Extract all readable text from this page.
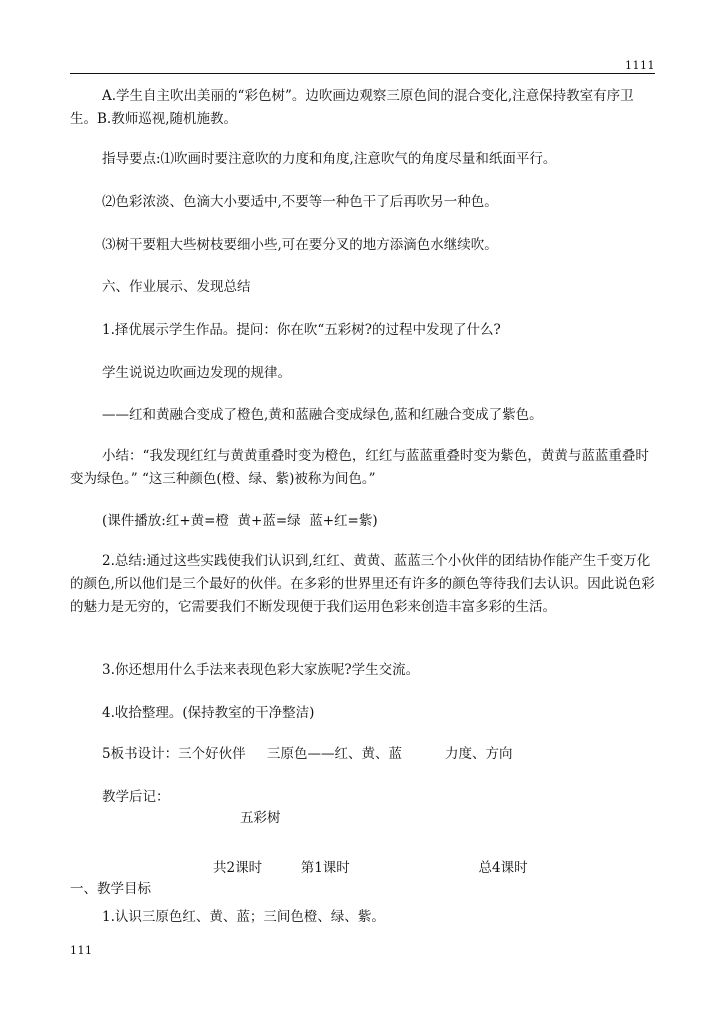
1111

A.学生自主吹出美丽的“彩色树”。边吹画边观察三原色间的混合变化,注意保持教室有序卫生。B.教师巡视,随机施教。

指导要点:⑴吹画时要注意吹的力度和角度,注意吹气的角度尽量和纸面平行。

⑵色彩浓淡、色滴大小要适中,不要等一种色干了后再吹另一种色。

⑶树干要粗大些树枝要细小些,可在要分叉的地方添滴色水继续吹。

六、作业展示、发现总结

1.择优展示学生作品。提问：你在吹“五彩树?的过程中发现了什么?

学生说说边吹画边发现的规律。

——红和黄融合变成了橙色,黄和蓝融合变成绿色,蓝和红融合变成了紫色。

小结：“我发现红红与黄黄重叠时变为橙色，红红与蓝蓝重叠时变为紫色，黄黄与蓝蓝重叠时变为绿色。” “这三种颜色(橙、绿、紫)被称为间色。”

(课件播放:红+黄=橙  黄+蓝=绿  蓝+红=紫)

2.总结:通过这些实践使我们认识到,红红、黄黄、蓝蓝三个小伙伴的团结协作能产生千变万化的颜色,所以他们是三个最好的伙伴。在多彩的世界里还有许多的颜色等待我们去认识。因此说色彩的魅力是无穷的，它需要我们不断发现便于我们运用色彩来创造丰富多彩的生活。

3.你还想用什么手法来表现色彩大家族呢?学生交流。

4.收拾整理。(保持教室的干净整洁)

5板书设计：三个好伙伴     三原色——红、黄、蓝          力度、方向

教学后记：

五彩树

共2课时         第1课时                              总4课时

一、教学目标

1.认识三原色红、黄、蓝；三间色橙、绿、紫。

111
